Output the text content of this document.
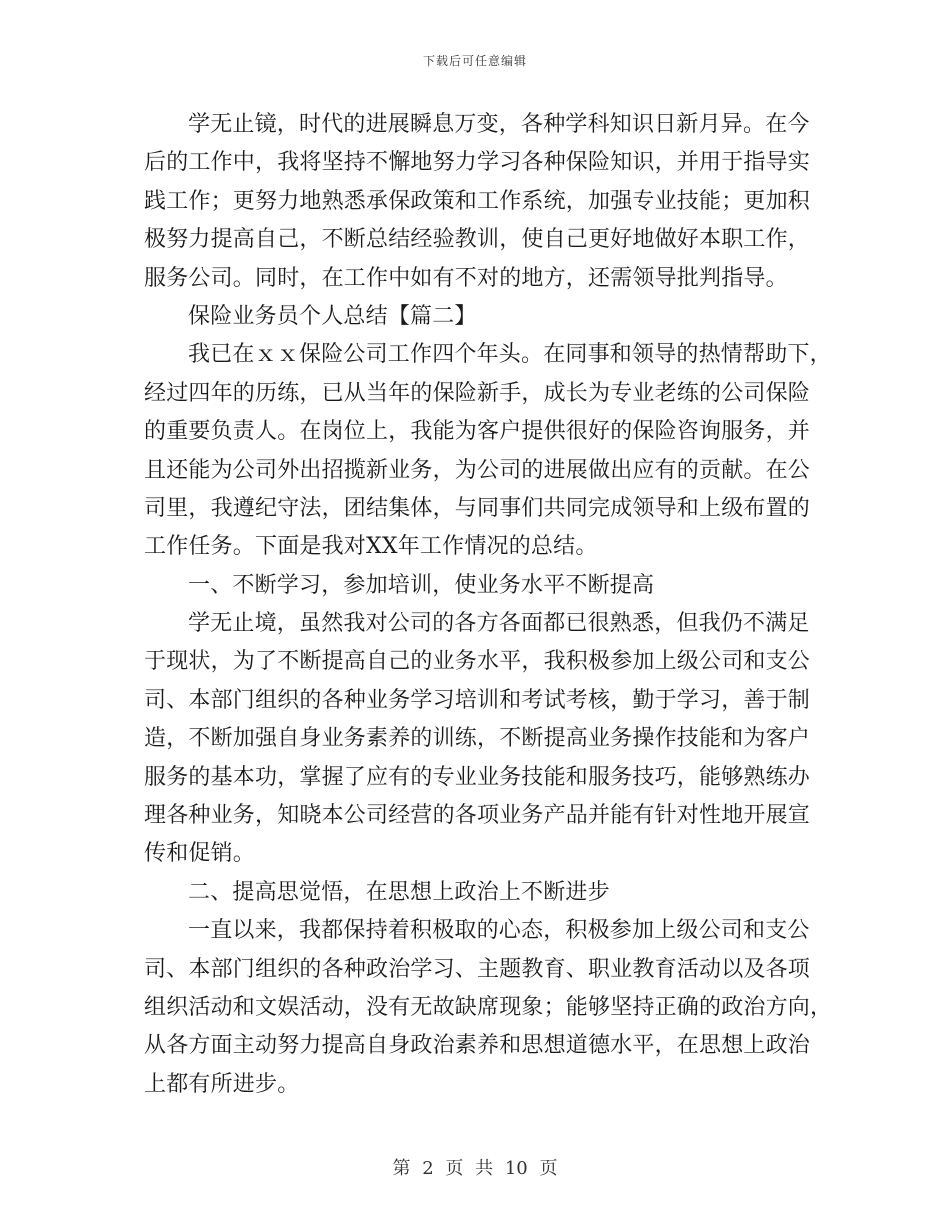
下载后可任意编辑
学无止镜，时代的进展瞬息万变，各种学科知识日新月异。在今
后的工作中，我将坚持不懈地努力学习各种保险知识，并用于指导实
践工作；更努力地熟悉承保政策和工作系统，加强专业技能；更加积
极努力提高自己，不断总结经验教训，使自己更好地做好本职工作，
服务公司。同时，在工作中如有不对的地方，还需领导批判指导。
保险业务员个人总结【篇二】
我已在ｘｘ保险公司工作四个年头。在同事和领导的热情帮助下，
经过四年的历练，已从当年的保险新手，成长为专业老练的公司保险
的重要负责人。在岗位上，我能为客户提供很好的保险咨询服务，并
且还能为公司外出招揽新业务，为公司的进展做出应有的贡献。在公
司里，我遵纪守法，团结集体，与同事们共同完成领导和上级布置的
工作任务。下面是我对XX年工作情况的总结。
一、不断学习，参加培训，使业务水平不断提高
学无止境，虽然我对公司的各方各面都已很熟悉，但我仍不满足
于现状，为了不断提高自己的业务水平，我积极参加上级公司和支公
司、本部门组织的各种业务学习培训和考试考核，勤于学习，善于制
造，不断加强自身业务素养的训练，不断提高业务操作技能和为客户
服务的基本功，掌握了应有的专业业务技能和服务技巧，能够熟练办
理各种业务，知晓本公司经营的各项业务产品并能有针对性地开展宣
传和促销。
二、提高思觉悟，在思想上政治上不断进步
一直以来，我都保持着积极取的心态，积极参加上级公司和支公
司、本部门组织的各种政治学习、主题教育、职业教育活动以及各项
组织活动和文娱活动，没有无故缺席现象；能够坚持正确的政治方向，
从各方面主动努力提高自身政治素养和思想道德水平，在思想上政治
上都有所进步。
第 2 页 共 10 页
